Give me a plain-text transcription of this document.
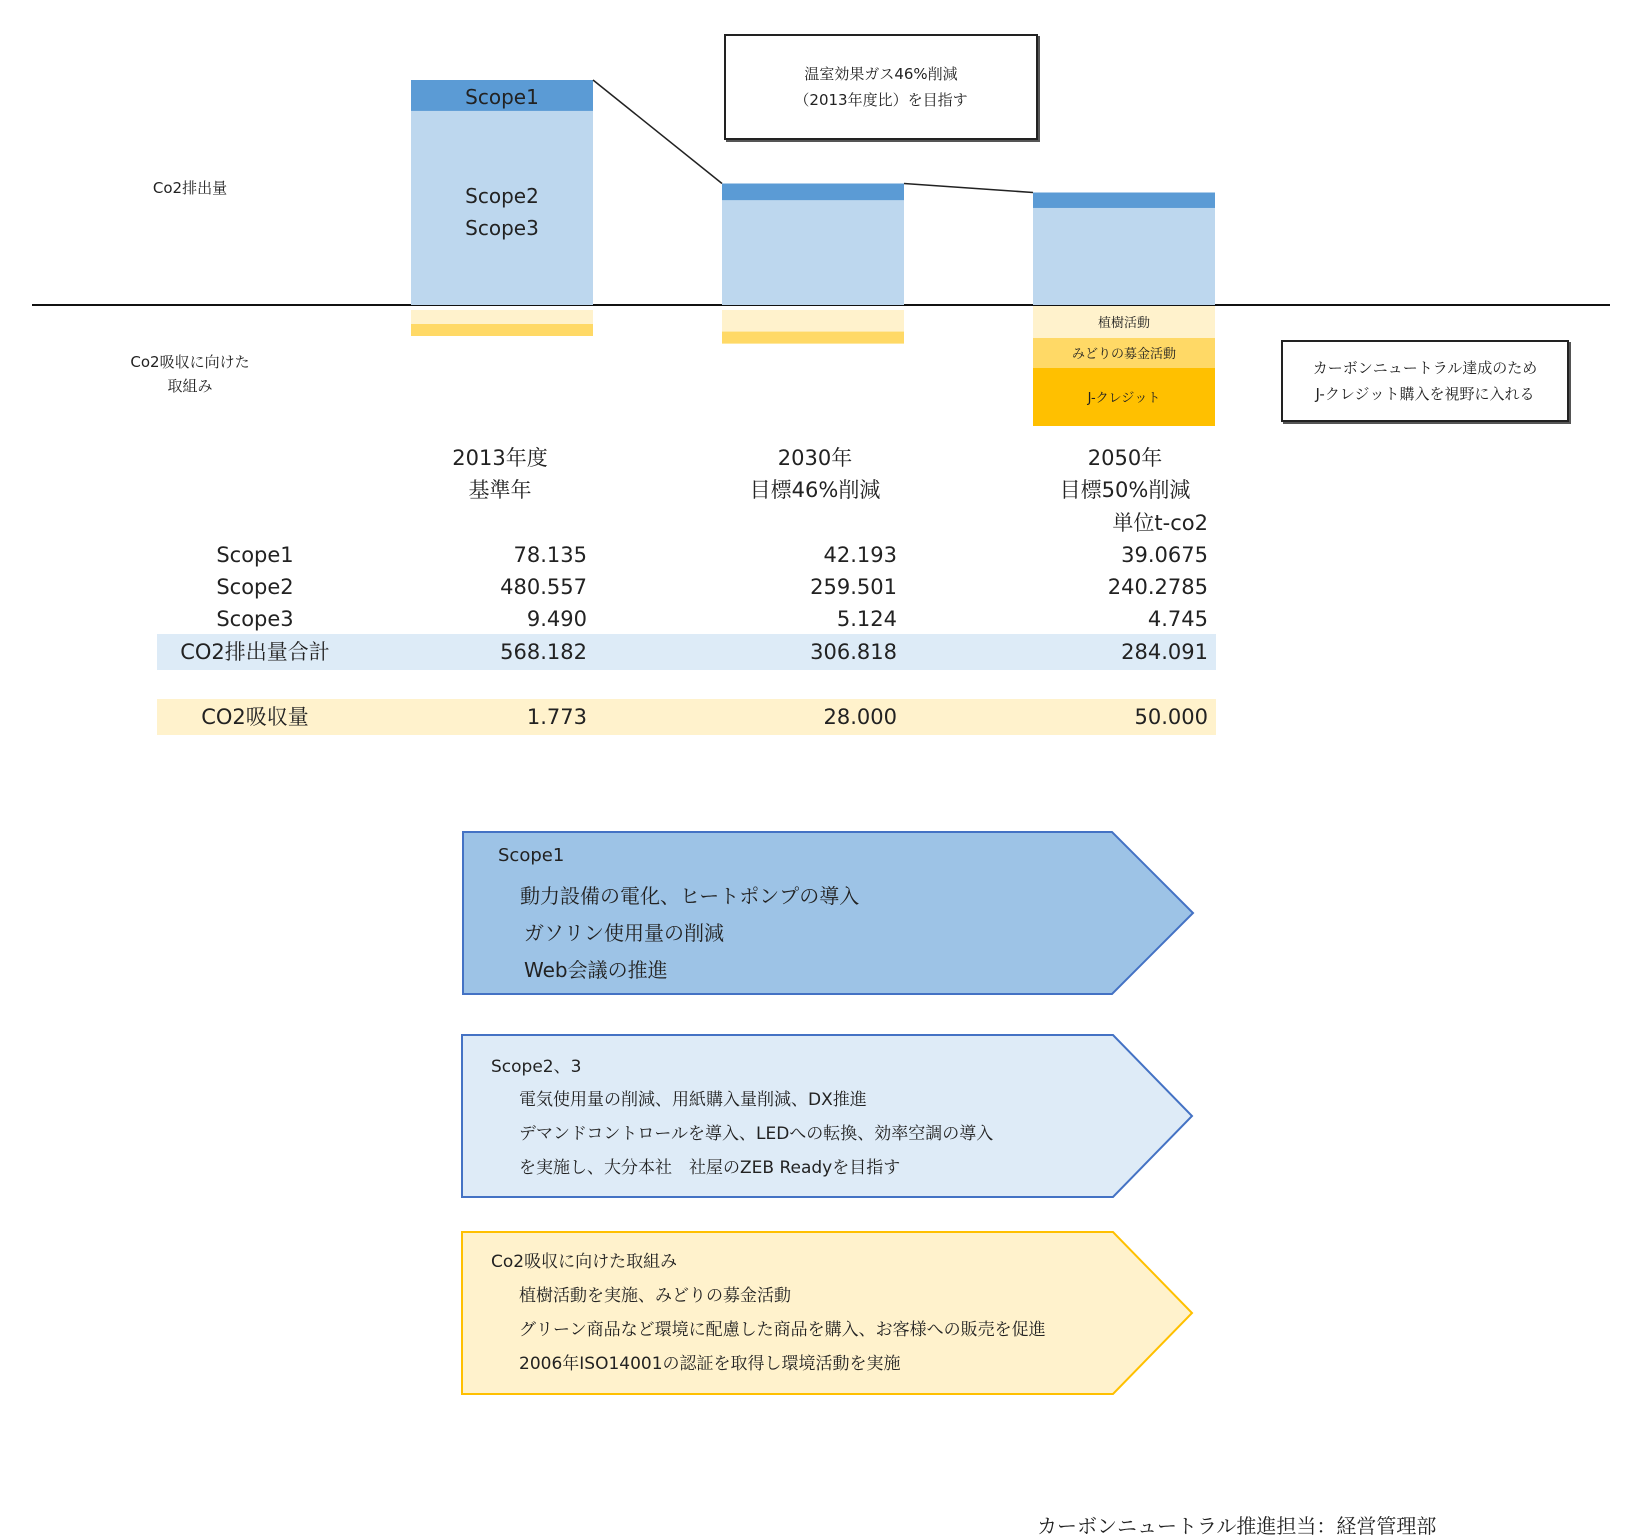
Scope1
Scope2
Scope3
植樹活動
みどりの募金活動
J-クレジット
Co2排出量
Co2吸収に向けた
取組み
温室効果ガス46%削減
（2013年度比）を目指す
カーボンニュートラル達成のため
J-クレジット購入を視野に入れる
2013年度
基準年
2030年
目標46%削減
2050年
目標50%削減
単位t-co2
Scope1	78.135	42.193	39.0675
Scope2	480.557	259.501	240.2785
Scope3	9.490	5.124	4.745
CO2排出量合計	568.182	306.818	284.091
CO2吸収量	1.773	28.000	50.000
Scope1
動力設備の電化、ヒートポンプの導入
ガソリン使用量の削減
Web会議の推進
Scope2、3
電気使用量の削減、用紙購入量削減、DX推進
デマンドコントロールを導入、LEDへの転換、効率空調の導入
を実施し、大分本社　社屋のZEB Readyを目指す
Co2吸収に向けた取組み
植樹活動を実施、みどりの募金活動
グリーン商品など環境に配慮した商品を購入、お客様への販売を促進
2006年ISO14001の認証を取得し環境活動を実施
カーボンニュートラル推進担当：経営管理部
